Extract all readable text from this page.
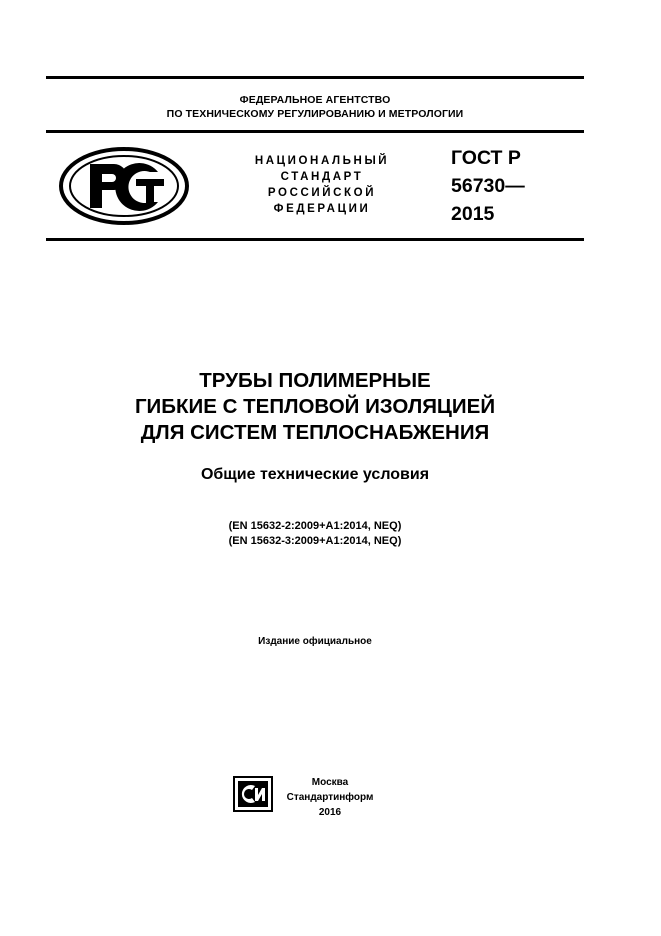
ФЕДЕРАЛЬНОЕ АГЕНТСТВО
ПО ТЕХНИЧЕСКОМУ РЕГУЛИРОВАНИЮ И МЕТРОЛОГИИ
НАЦИОНАЛЬНЫЙ
СТАНДАРТ
РОССИЙСКОЙ
ФЕДЕРАЦИИ
ГОСТ Р
56730—
2015
ТРУБЫ ПОЛИМЕРНЫЕ
ГИБКИЕ С ТЕПЛОВОЙ ИЗОЛЯЦИЕЙ
ДЛЯ СИСТЕМ ТЕПЛОСНАБЖЕНИЯ
Общие технические условия
(EN 15632-2:2009+A1:2014, NEQ)
(EN 15632-3:2009+A1:2014, NEQ)
Издание официальное
Москва
Стандартинформ
2016
